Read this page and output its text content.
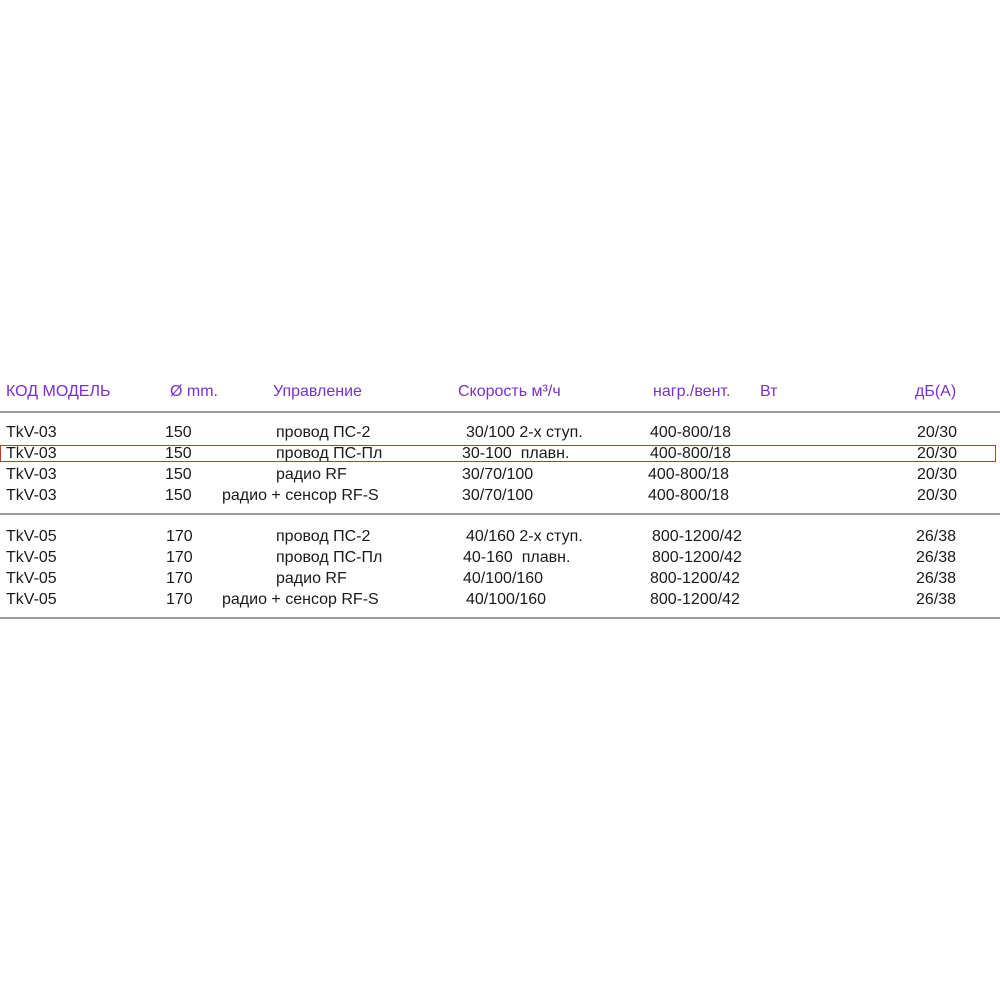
КОД МОДЕЛЬ	Ø mm.	Управление	Скорость м³/ч	нагр./вент. Вт	дБ(А)
TkV-03	150	провод ПС-2	30/100 2-х ступ.	400-800/18	20/30
TkV-03	150	провод ПС-Пл	30-100  плавн.	400-800/18	20/30
TkV-03	150	радио RF	30/70/100	400-800/18	20/30
TkV-03	150 радио + сенсор RF-S	30/70/100	400-800/18	20/30
TkV-05	170	провод ПС-2	40/160 2-х ступ.	800-1200/42	26/38
TkV-05	170	провод ПС-Пл	40-160  плавн.	800-1200/42	26/38
TkV-05	170	радио RF	40/100/160	800-1200/42	26/38
TkV-05	170 радио + сенсор RF-S	40/100/160	800-1200/42	26/38
